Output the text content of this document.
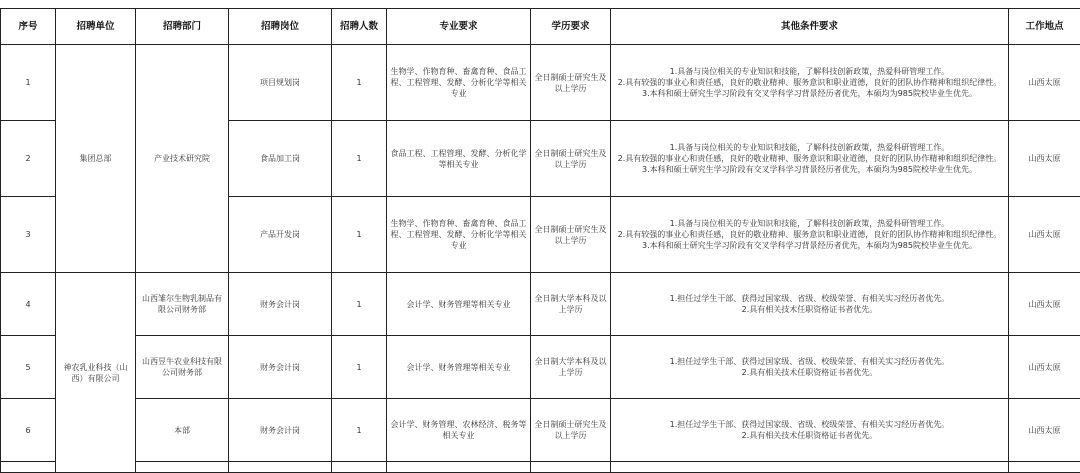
序号	招聘单位	招聘部门	招聘岗位	招聘人数	专业要求	学历要求	其他条件要求	工作地点
1	集团总部	产业技术研究院	项目规划岗	1	生物学、作物育种、畜禽育种、食品工程、工程管理、发酵、分析化学等相关专业	全日制硕士研究生及以上学历	1.具备与岗位相关的专业知识和技能，了解科技创新政策，热爱科研管理工作。
2.具有较强的事业心和责任感，良好的敬业精神、服务意识和职业道德，良好的团队协作精神和组织纪律性。
3.本科和硕士研究生学习阶段有交叉学科学习背景经历者优先，本硕均为985院校毕业生优先。	山西太原
2			食品加工岗	1	食品工程、工程管理、发酵、分析化学等相关专业	全日制硕士研究生及以上学历	1.具备与岗位相关的专业知识和技能，了解科技创新政策，热爱科研管理工作。
2.具有较强的事业心和责任感，良好的敬业精神、服务意识和职业道德，良好的团队协作精神和组织纪律性。
3.本科和硕士研究生学习阶段有交叉学科学习背景经历者优先，本硕均为985院校毕业生优先。	山西太原
3			产品开发岗	1	生物学、作物育种、畜禽育种、食品工程、工程管理、发酵、分析化学等相关专业	全日制硕士研究生及以上学历	1.具备与岗位相关的专业知识和技能，了解科技创新政策，热爱科研管理工作。
2.具有较强的事业心和责任感，良好的敬业精神、服务意识和职业道德，良好的团队协作精神和组织纪律性。
3.本科和硕士研究生学习阶段有交叉学科学习背景经历者优先，本硕均为985院校毕业生优先。	山西太原
4	神农乳业科技（山西）有限公司	山西雏尔生物乳制品有限公司财务部	财务会计岗	1	会计学、财务管理等相关专业	全日制大学本科及以上学历	1.担任过学生干部、获得过国家级、省级、校级荣誉、有相关实习经历者优先。
2.具有相关技术任职资格证书者优先。	山西太原
5		山西昱牛农业科技有限公司财务部	财务会计岗	1	会计学、财务管理等相关专业	全日制大学本科及以上学历	1.担任过学生干部、获得过国家级、省级、校级荣誉、有相关实习经历者优先。
2.具有相关技术任职资格证书者优先。	山西太原
6		本部	财务会计岗	1	会计学、财务管理、农林经济、税务等相关专业	全日制硕士研究生及以上学历	1.担任过学生干部、获得过国家级、省级、校级荣誉、有相关实习经历者优先。
2.具有相关技术任职资格证书者优先。	山西太原
